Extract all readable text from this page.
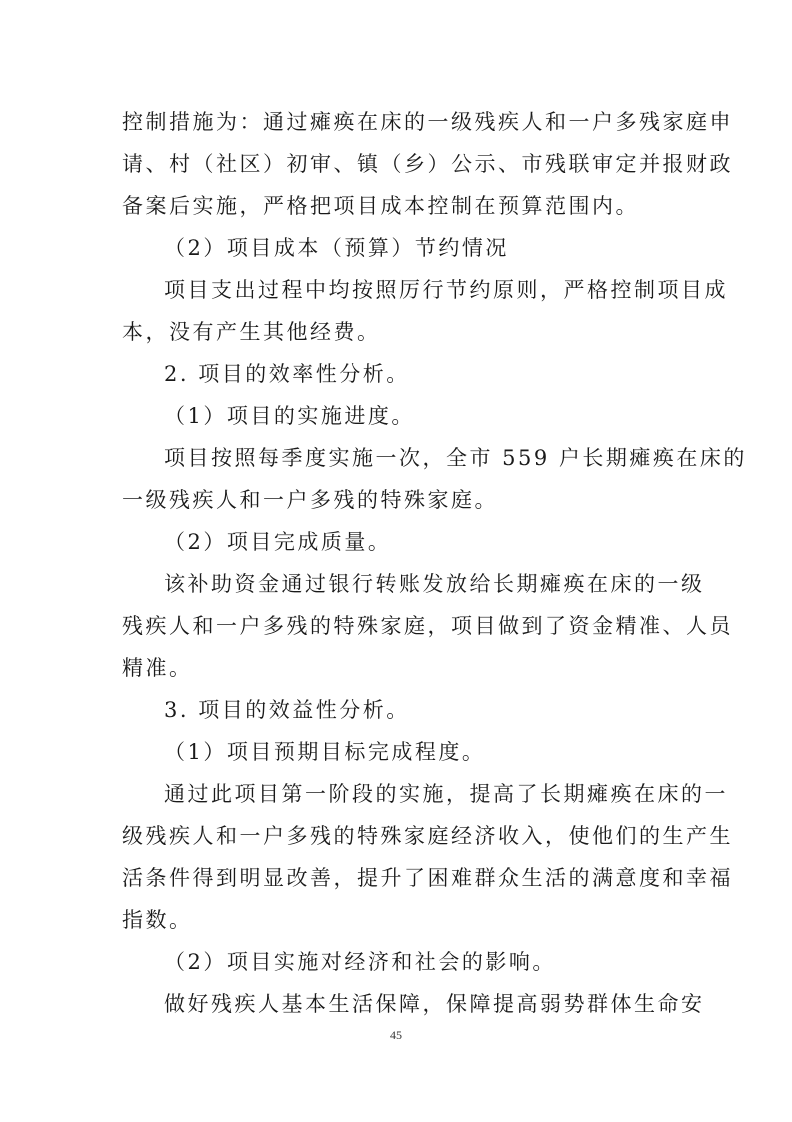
控制措施为：通过瘫痪在床的一级残疾人和一户多残家庭申
请、村（社区）初审、镇（乡）公示、市残联审定并报财政
备案后实施，严格把项目成本控制在预算范围内。
（2）项目成本（预算）节约情况
项目支出过程中均按照厉行节约原则，严格控制项目成
本，没有产生其他经费。
2. 项目的效率性分析。
（1）项目的实施进度。
项目按照每季度实施一次，全市 559 户长期瘫痪在床的
一级残疾人和一户多残的特殊家庭。
（2）项目完成质量。
该补助资金通过银行转账发放给长期瘫痪在床的一级
残疾人和一户多残的特殊家庭，项目做到了资金精准、人员
精准。
3. 项目的效益性分析。
（1）项目预期目标完成程度。
通过此项目第一阶段的实施，提高了长期瘫痪在床的一
级残疾人和一户多残的特殊家庭经济收入，使他们的生产生
活条件得到明显改善，提升了困难群众生活的满意度和幸福
指数。
（2）项目实施对经济和社会的影响。
做好残疾人基本生活保障，保障提高弱势群体生命安
45
